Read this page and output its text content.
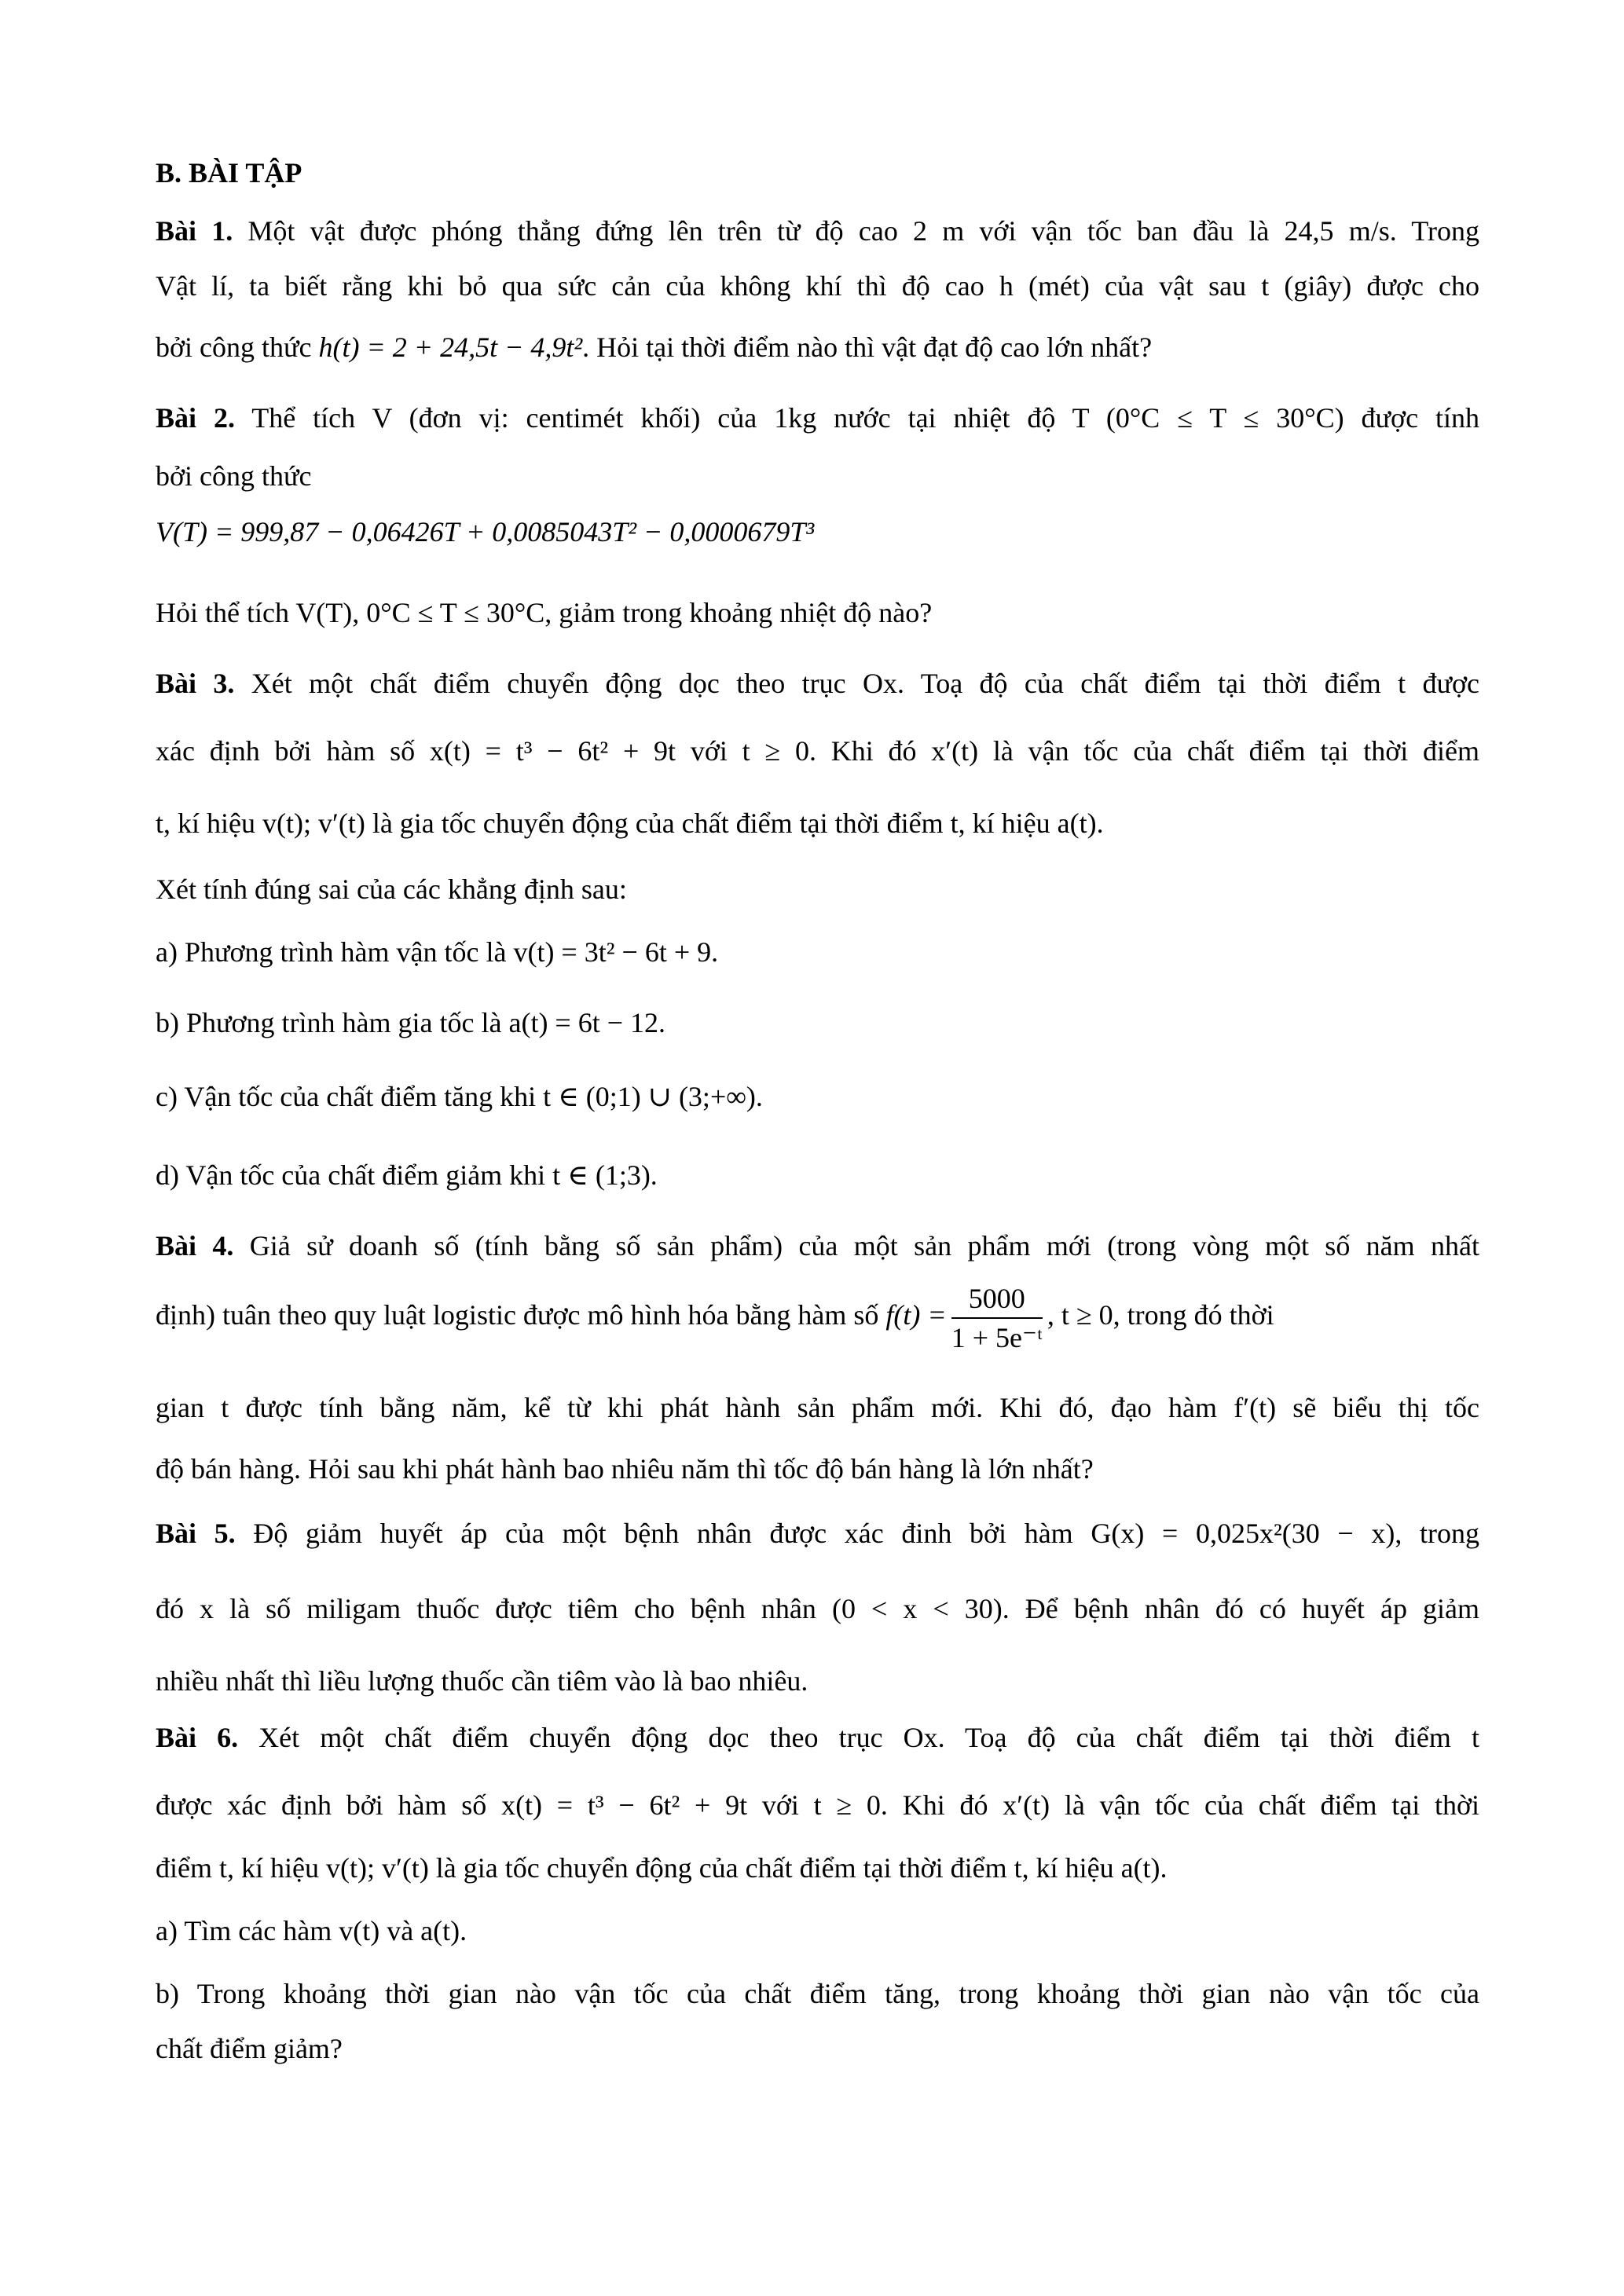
B. BÀI TẬP
Bài 1. Một vật được phóng thẳng đứng lên trên từ độ cao 2 m với vận tốc ban đầu là 24,5 m/s. Trong
Vật lí, ta biết rằng khi bỏ qua sức cản của không khí thì độ cao h (mét) của vật sau t (giây) được cho
bởi công thức h(t) = 2 + 24,5t − 4,9t². Hỏi tại thời điểm nào thì vật đạt độ cao lớn nhất?
Bài 2. Thể tích V (đơn vị: centimét khối) của 1kg nước tại nhiệt độ T (0°C ≤ T ≤ 30°C) được tính
bởi công thức
V(T) = 999,87 − 0,06426T + 0,0085043T² − 0,0000679T³
Hỏi thể tích V(T), 0°C ≤ T ≤ 30°C, giảm trong khoảng nhiệt độ nào?
Bài 3. Xét một chất điểm chuyển động dọc theo trục Ox. Toạ độ của chất điểm tại thời điểm t được
xác định bởi hàm số x(t) = t³ − 6t² + 9t với t ≥ 0. Khi đó x′(t) là vận tốc của chất điểm tại thời điểm
t, kí hiệu v(t); v′(t) là gia tốc chuyển động của chất điểm tại thời điểm t, kí hiệu a(t).
Xét tính đúng sai của các khẳng định sau:
a) Phương trình hàm vận tốc là v(t) = 3t² − 6t + 9.
b) Phương trình hàm gia tốc là a(t) = 6t − 12.
c) Vận tốc của chất điểm tăng khi t ∈ (0;1) ∪ (3;+∞).
d) Vận tốc của chất điểm giảm khi t ∈ (1;3).
Bài 4. Giả sử doanh số (tính bằng số sản phẩm) của một sản phẩm mới (trong vòng một số năm nhất
định) tuân theo quy luật logistic được mô hình hóa bằng hàm số $f(t) = \frac{5000}{\text{1 + 5e⁻ᵗ}}$ , t ≥ 0, trong đó thời
gian t được tính bằng năm, kể từ khi phát hành sản phẩm mới. Khi đó, đạo hàm f′(t) sẽ biểu thị tốc
độ bán hàng. Hỏi sau khi phát hành bao nhiêu năm thì tốc độ bán hàng là lớn nhất?
Bài 5. Độ giảm huyết áp của một bệnh nhân được xác đinh bởi hàm G(x) = 0,025x²(30 − x), trong
đó x là số miligam thuốc được tiêm cho bệnh nhân (0 < x < 30). Để bệnh nhân đó có huyết áp giảm
nhiều nhất thì liều lượng thuốc cần tiêm vào là bao nhiêu.
Bài 6. Xét một chất điểm chuyển động dọc theo trục Ox. Toạ độ của chất điểm tại thời điểm t
được xác định bởi hàm số x(t) = t³ − 6t² + 9t với t ≥ 0. Khi đó x′(t) là vận tốc của chất điểm tại thời
điểm t, kí hiệu v(t); v′(t) là gia tốc chuyển động của chất điểm tại thời điểm t, kí hiệu a(t).
a) Tìm các hàm v(t) và a(t).
b) Trong khoảng thời gian nào vận tốc của chất điểm tăng, trong khoảng thời gian nào vận tốc của
chất điểm giảm?
